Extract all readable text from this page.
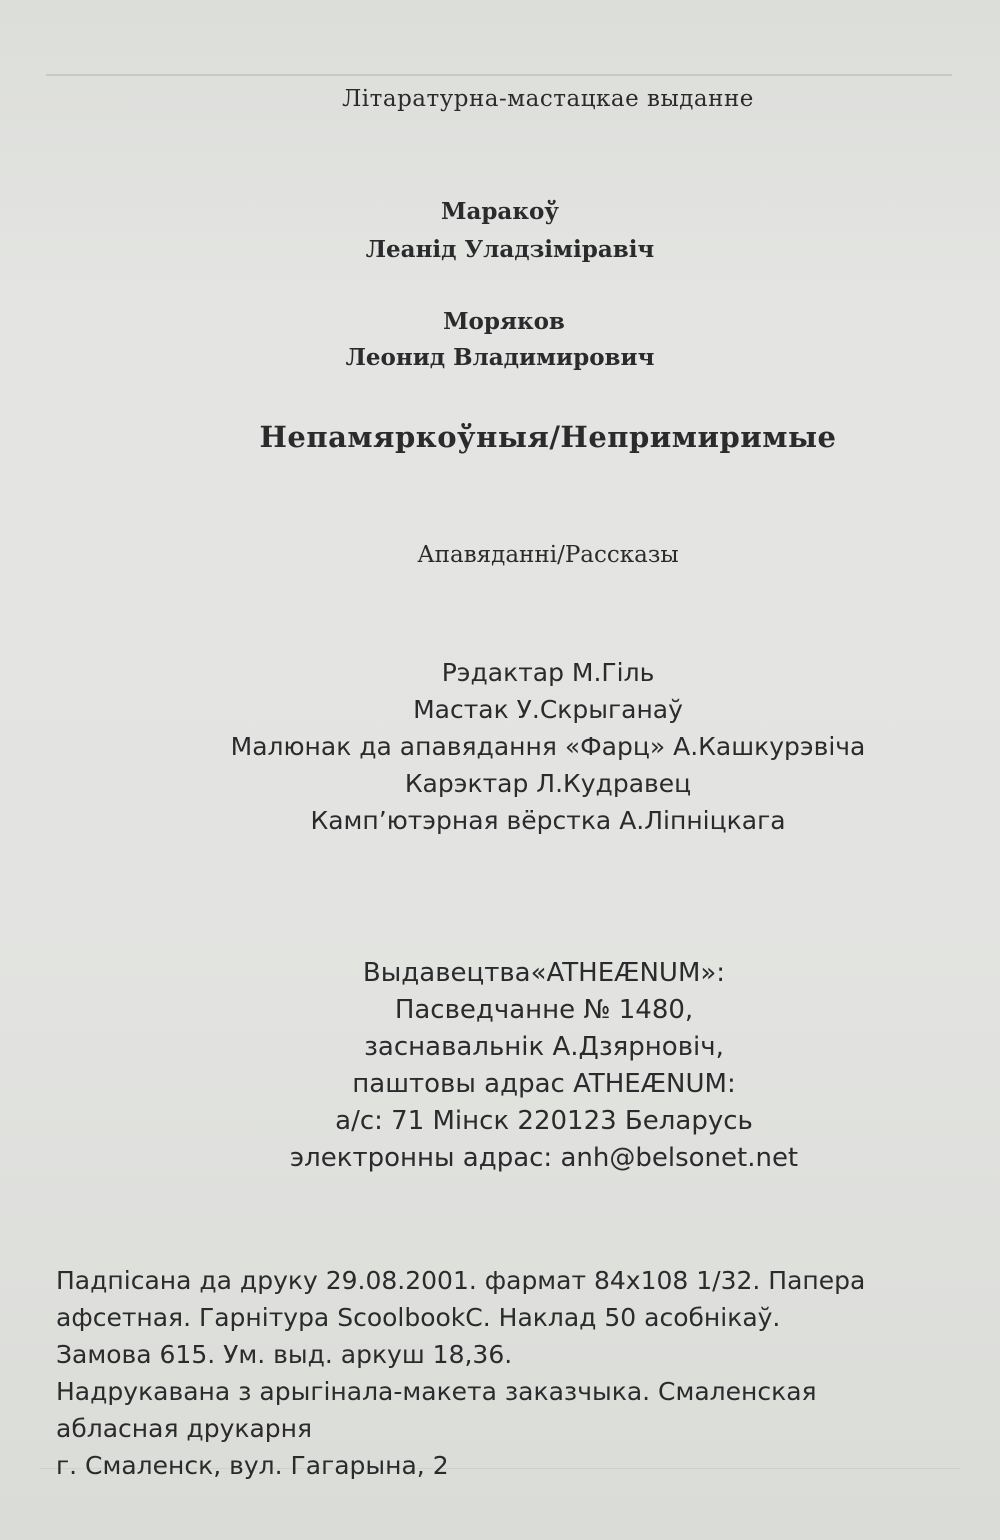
Літаратурна-мастацкае выданне
Маракоў
Леанід Уладзіміравіч
Моряков
Леонид Владимирович
Непамяркоўныя/Непримиримые
Апавяданні/Рассказы
Рэдактар М.Гіль
Мастак У.Скрыганаў
Малюнак да апавядання «Фарц» А.Кашкурэвіча
Карэктар Л.Кудравец
Камп’ютэрная вёрстка А.Ліпніцкага
Выдавецтва«ATHEÆNUM»:
Пасведчанне № 1480,
заснавальнік А.Дзярновіч,
паштовы адрас ATHEÆNUM:
а/с: 71 Мінск 220123 Беларусь
электронны адрас: anh@belsonet.net
Падпісана да друку 29.08.2001. фармат 84х108 1/32. Папера
афсетная. Гарнітура ScoolbookC. Наклад 50 асобнікаў.
Замова 615. Ум. выд. аркуш 18,36.
Надрукавана з арыгінала-макета заказчыка. Смаленская
абласная друкарня
г. Смаленск, вул. Гагарына, 2
